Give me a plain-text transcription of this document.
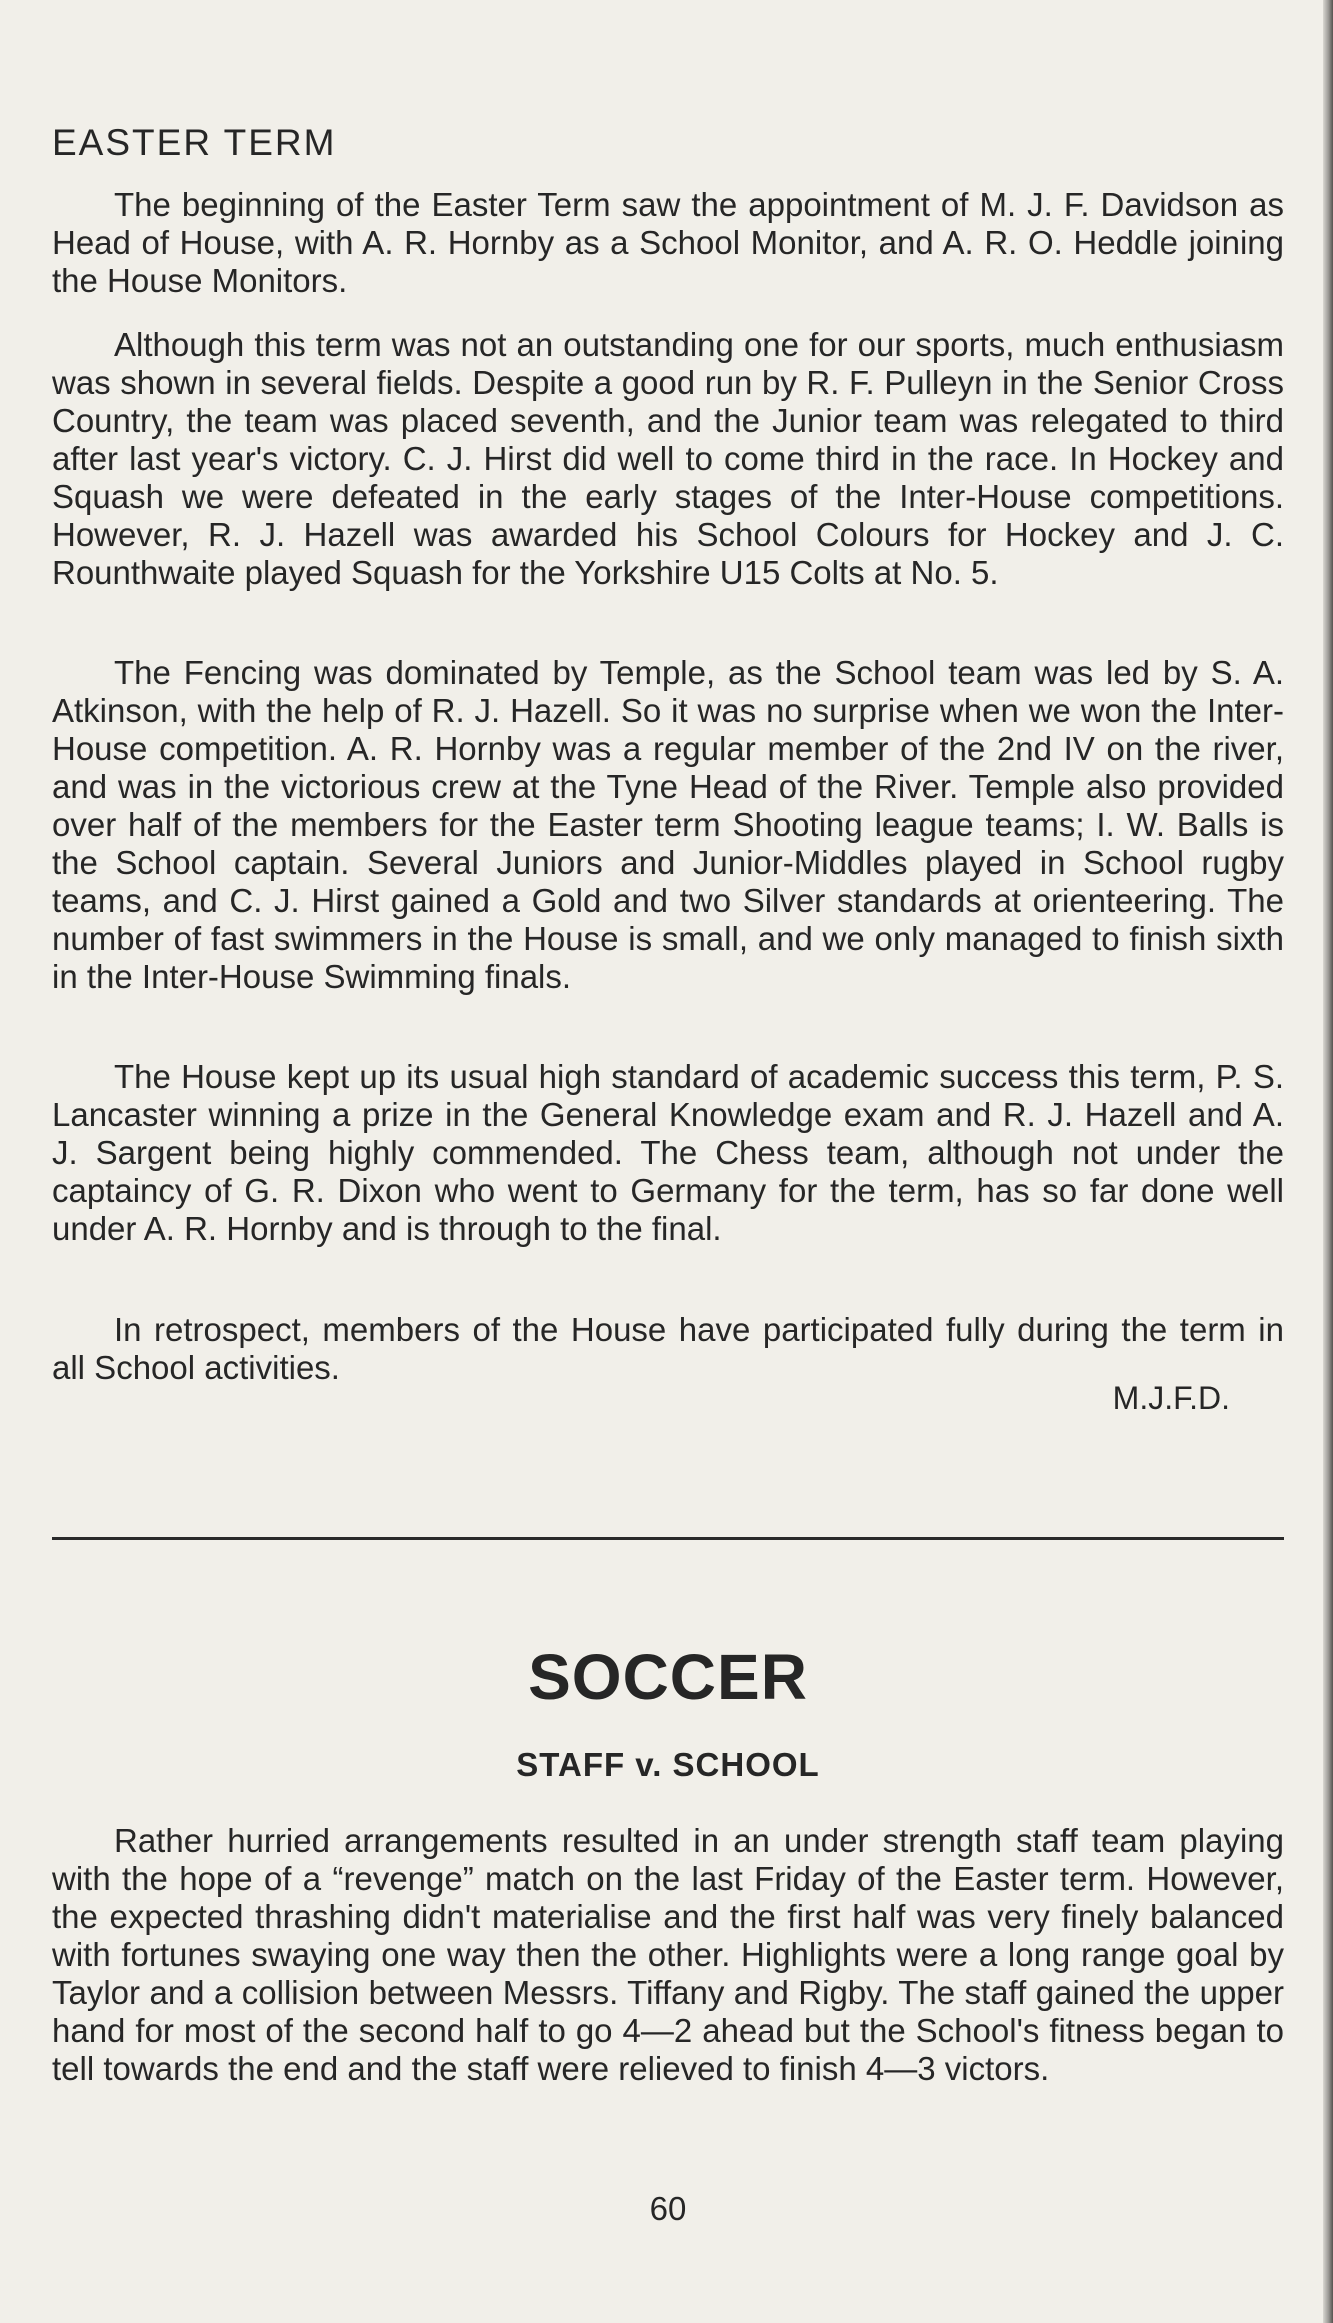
EASTER TERM

The beginning of the Easter Term saw the appointment of M. J. F. Davidson as Head of House, with A. R. Hornby as a School Monitor, and A. R. O. Heddle joining the House Monitors.

Although this term was not an outstanding one for our sports, much enthusiasm was shown in several fields. Despite a good run by R. F. Pulleyn in the Senior Cross Country, the team was placed seventh, and the Junior team was relegated to third after last year's victory. C. J. Hirst did well to come third in the race. In Hockey and Squash we were defeated in the early stages of the Inter-House competitions. However, R. J. Hazell was awarded his School Colours for Hockey and J. C. Rounthwaite played Squash for the Yorkshire U15 Colts at No. 5.

The Fencing was dominated by Temple, as the School team was led by S. A. Atkinson, with the help of R. J. Hazell. So it was no surprise when we won the Inter-House competition. A. R. Hornby was a regular member of the 2nd IV on the river, and was in the victorious crew at the Tyne Head of the River. Temple also provided over half of the members for the Easter term Shooting league teams; I. W. Balls is the School captain. Several Juniors and Junior-Middles played in School rugby teams, and C. J. Hirst gained a Gold and two Silver standards at orienteering. The number of fast swimmers in the House is small, and we only managed to finish sixth in the Inter-House Swimming finals.

The House kept up its usual high standard of academic success this term, P. S. Lancaster winning a prize in the General Knowledge exam and R. J. Hazell and A. J. Sargent being highly commended. The Chess team, although not under the captaincy of G. R. Dixon who went to Germany for the term, has so far done well under A. R. Hornby and is through to the final.

In retrospect, members of the House have participated fully during the term in all School activities.

M.J.F.D.

SOCCER
STAFF v. SCHOOL

Rather hurried arrangements resulted in an under strength staff team playing with the hope of a “revenge” match on the last Friday of the Easter term. However, the expected thrashing didn't materialise and the first half was very finely balanced with fortunes swaying one way then the other. Highlights were a long range goal by Taylor and a collision between Messrs. Tiffany and Rigby. The staff gained the upper hand for most of the second half to go 4—2 ahead but the School's fitness began to tell towards the end and the staff were relieved to finish 4—3 victors.

60
